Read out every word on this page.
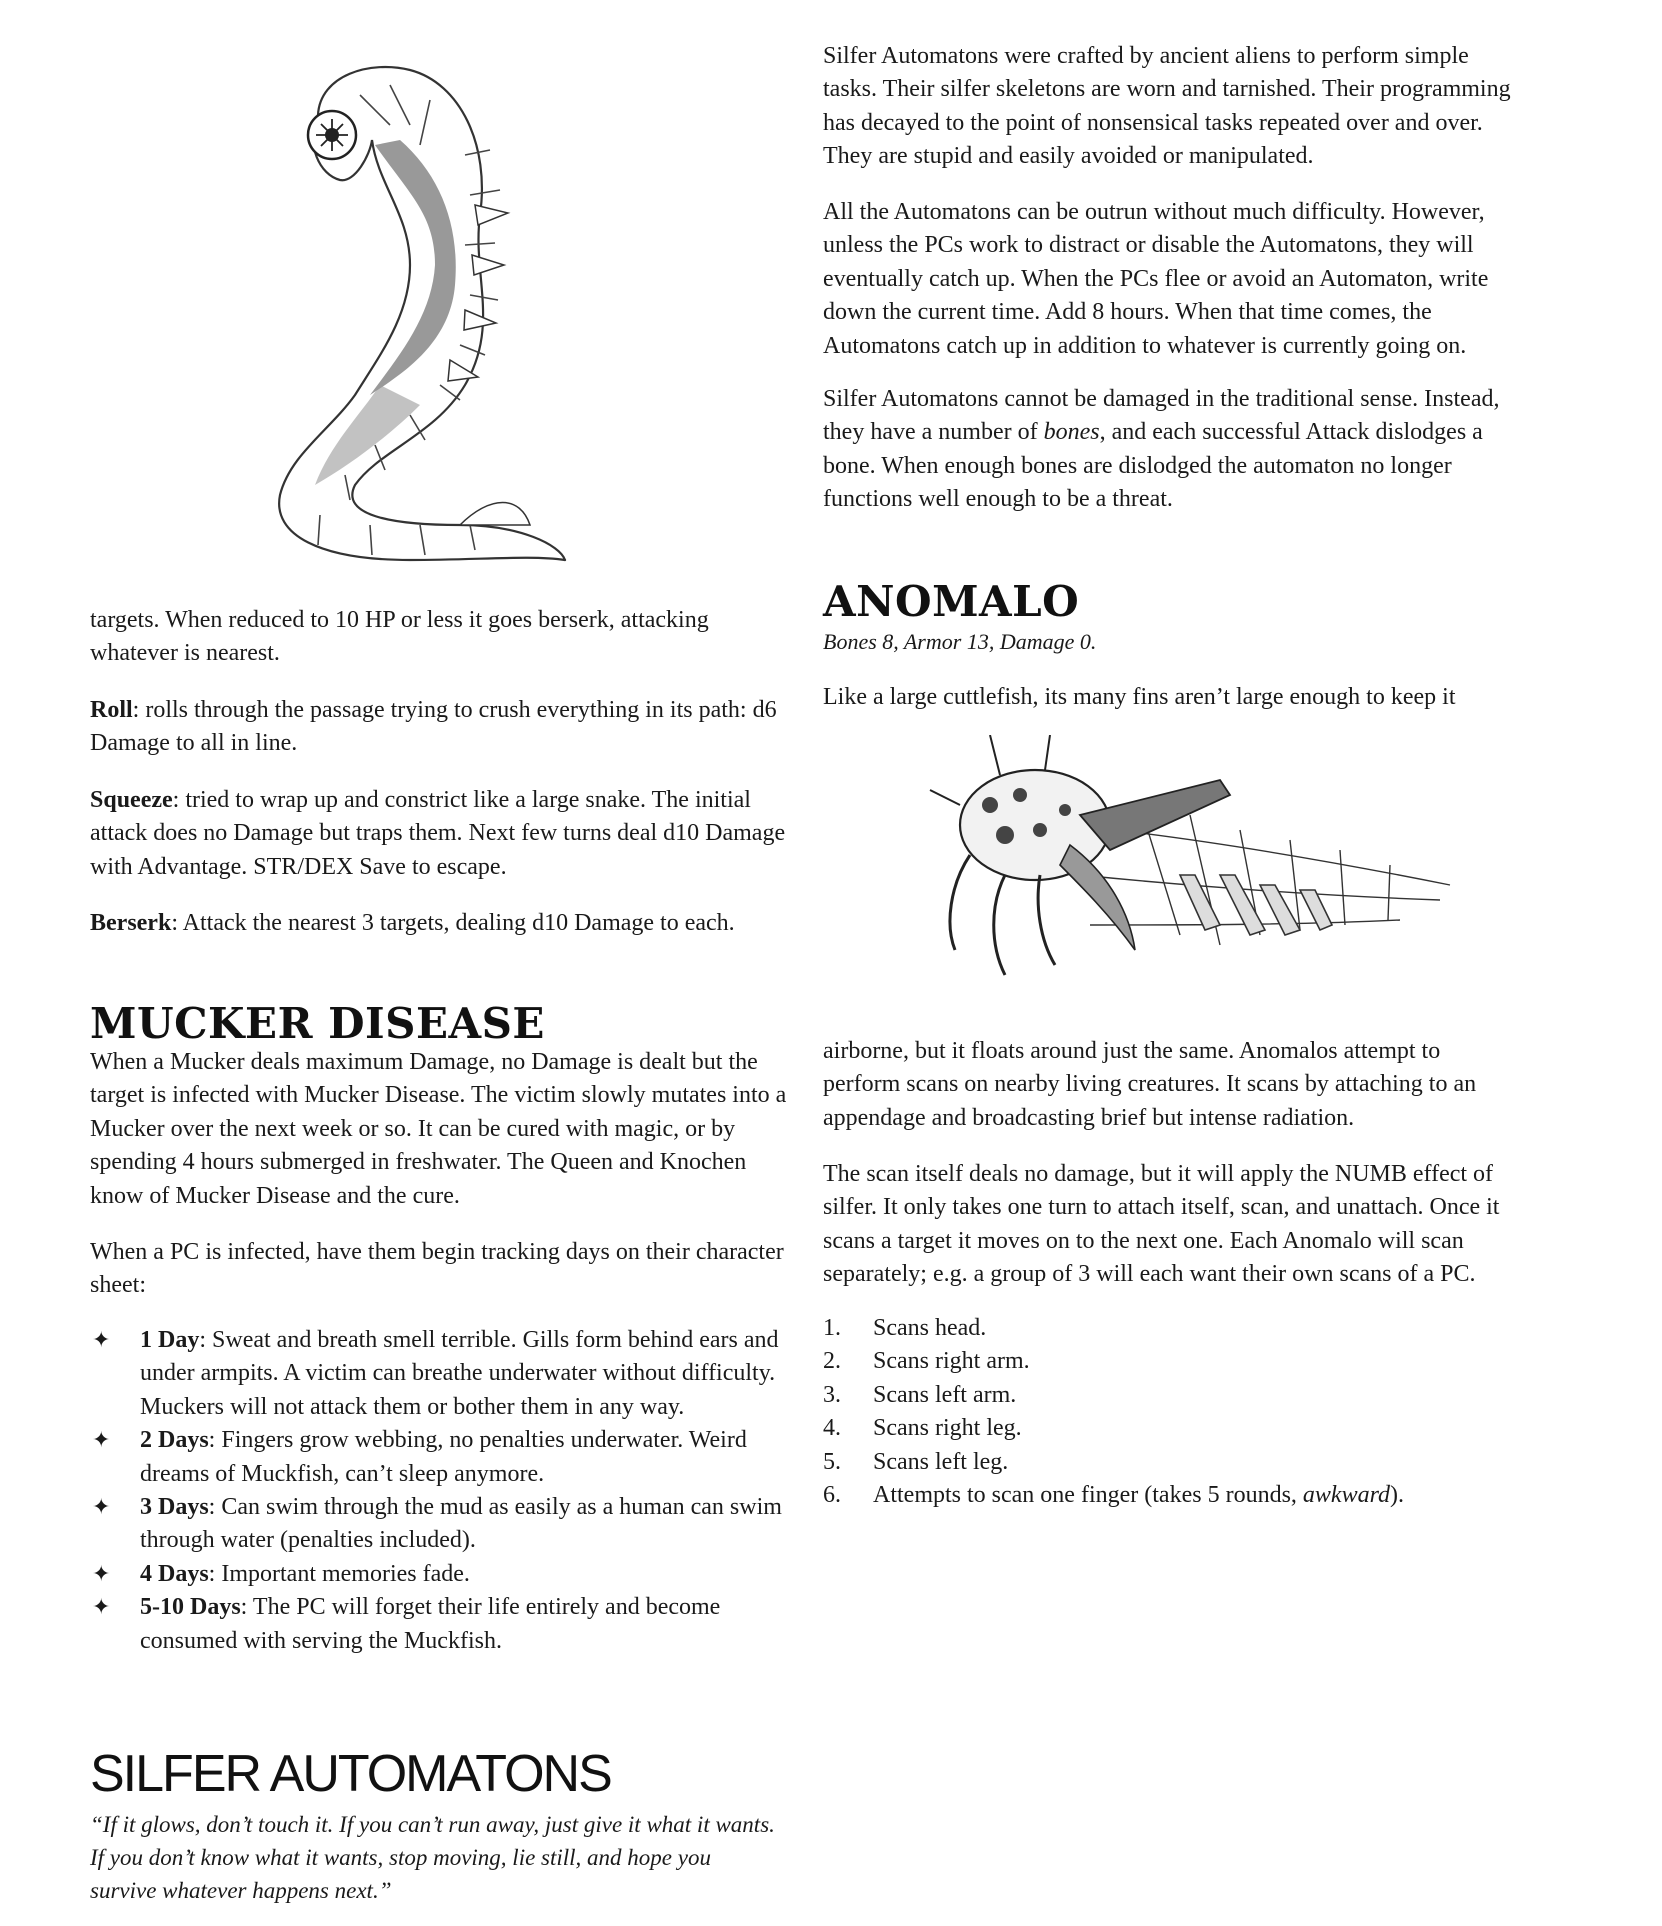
targets. When reduced to 10 HP or less it goes berserk, attacking whatever is nearest.

Roll: rolls through the passage trying to crush everything in its path: d6 Damage to all in line.

Squeeze: tried to wrap up and constrict like a large snake. The initial attack does no Damage but traps them. Next few turns deal d10 Damage with Advantage. STR/DEX Save to escape.

Berserk: Attack the nearest 3 targets, dealing d10 Damage to each.

MUCKER DISEASE

When a Mucker deals maximum Damage, no Damage is dealt but the target is infected with Mucker Disease. The victim slowly mutates into a Mucker over the next week or so. It can be cured with magic, or by spending 4 hours submerged in freshwater. The Queen and Knochen know of Mucker Disease and the cure.

When a PC is infected, have them begin tracking days on their character sheet:

✦ 1 Day: Sweat and breath smell terrible. Gills form behind ears and under armpits. A victim can breathe underwater without difficulty. Muckers will not attack them or bother them in any way.
✦ 2 Days: Fingers grow webbing, no penalties underwater. Weird dreams of Muckfish, can’t sleep anymore.
✦ 3 Days: Can swim through the mud as easily as a human can swim through water (penalties included).
✦ 4 Days: Important memories fade.
✦ 5-10 Days: The PC will forget their life entirely and become consumed with serving the Muckfish.
SILFER AUTOMATONS

“If it glows, don’t touch it. If you can’t run away, just give it what it wants. If you don’t know what it wants, stop moving, lie still, and hope you survive whatever happens next.”

Silfer Automatons were crafted by ancient aliens to perform simple tasks. Their silfer skeletons are worn and tarnished. Their programming has decayed to the point of nonsensical tasks repeated over and over. They are stupid and easily avoided or manipulated.

All the Automatons can be outrun without much difficulty. However, unless the PCs work to distract or disable the Automatons, they will eventually catch up. When the PCs flee or avoid an Automaton, write down the current time. Add 8 hours. When that time comes, the Automatons catch up in addition to whatever is currently going on.

Silfer Automatons cannot be damaged in the traditional sense. Instead, they have a number of bones, and each successful Attack dislodges a bone. When enough bones are dislodged the automaton no longer functions well enough to be a threat.

ANOMALO

Bones 8, Armor 13, Damage 0.

Like a large cuttlefish, its many fins aren’t large enough to keep it

airborne, but it floats around just the same. Anomalos attempt to perform scans on nearby living creatures. It scans by attaching to an appendage and broadcasting brief but intense radiation.

The scan itself deals no damage, but it will apply the NUMB effect of silfer. It only takes one turn to attach itself, scan, and unattach. Once it scans a target it moves on to the next one. Each Anomalo will scan separately; e.g. a group of 3 will each want their own scans of a PC.

1. Scans head.
2. Scans right arm.
3. Scans left arm.
4. Scans right leg.
5. Scans left leg.
6. Attempts to scan one finger (takes 5 rounds, awkward).
